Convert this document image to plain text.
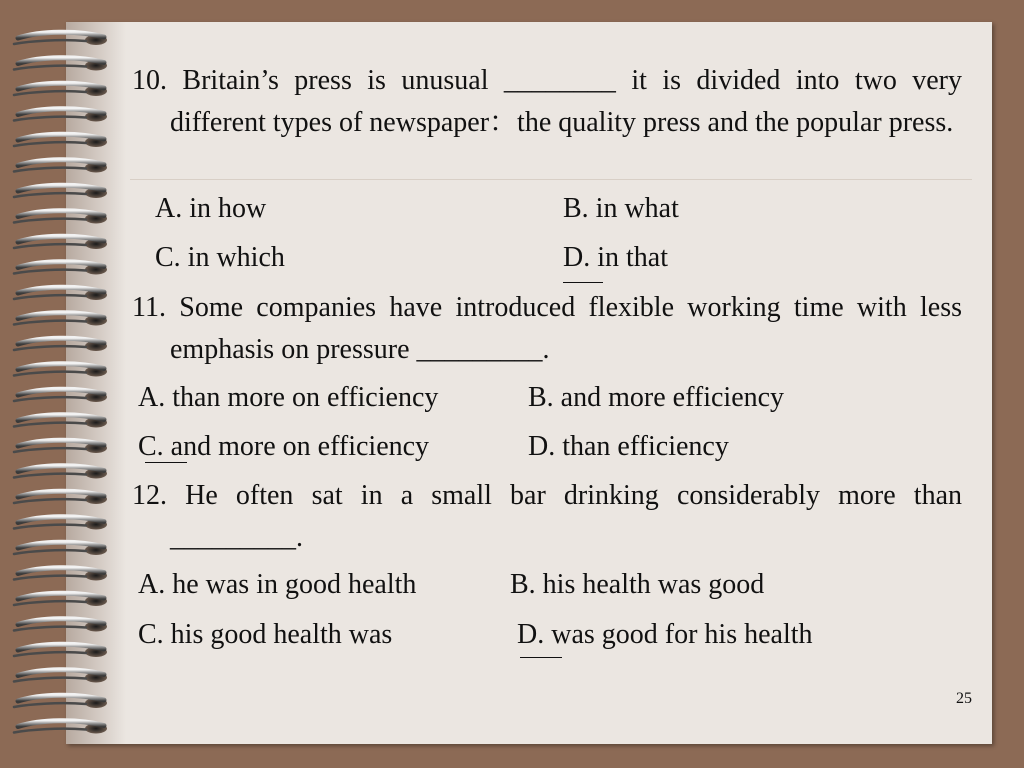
10. Britain’s press is unusual ________ it is divided into two very different types of newspaper：the quality press and the popular press.
A. in how	B. in what
C. in which	D. in that
11. Some companies have introduced flexible working time with less emphasis on pressure _________.
A. than more on efficiency	B. and more efficiency
C. and more on efficiency	D. than efficiency
12. He often sat in a small bar drinking considerably more than _________.
A. he was in good health	B. his health was good
C. his good health was	D. was good for his health
25
